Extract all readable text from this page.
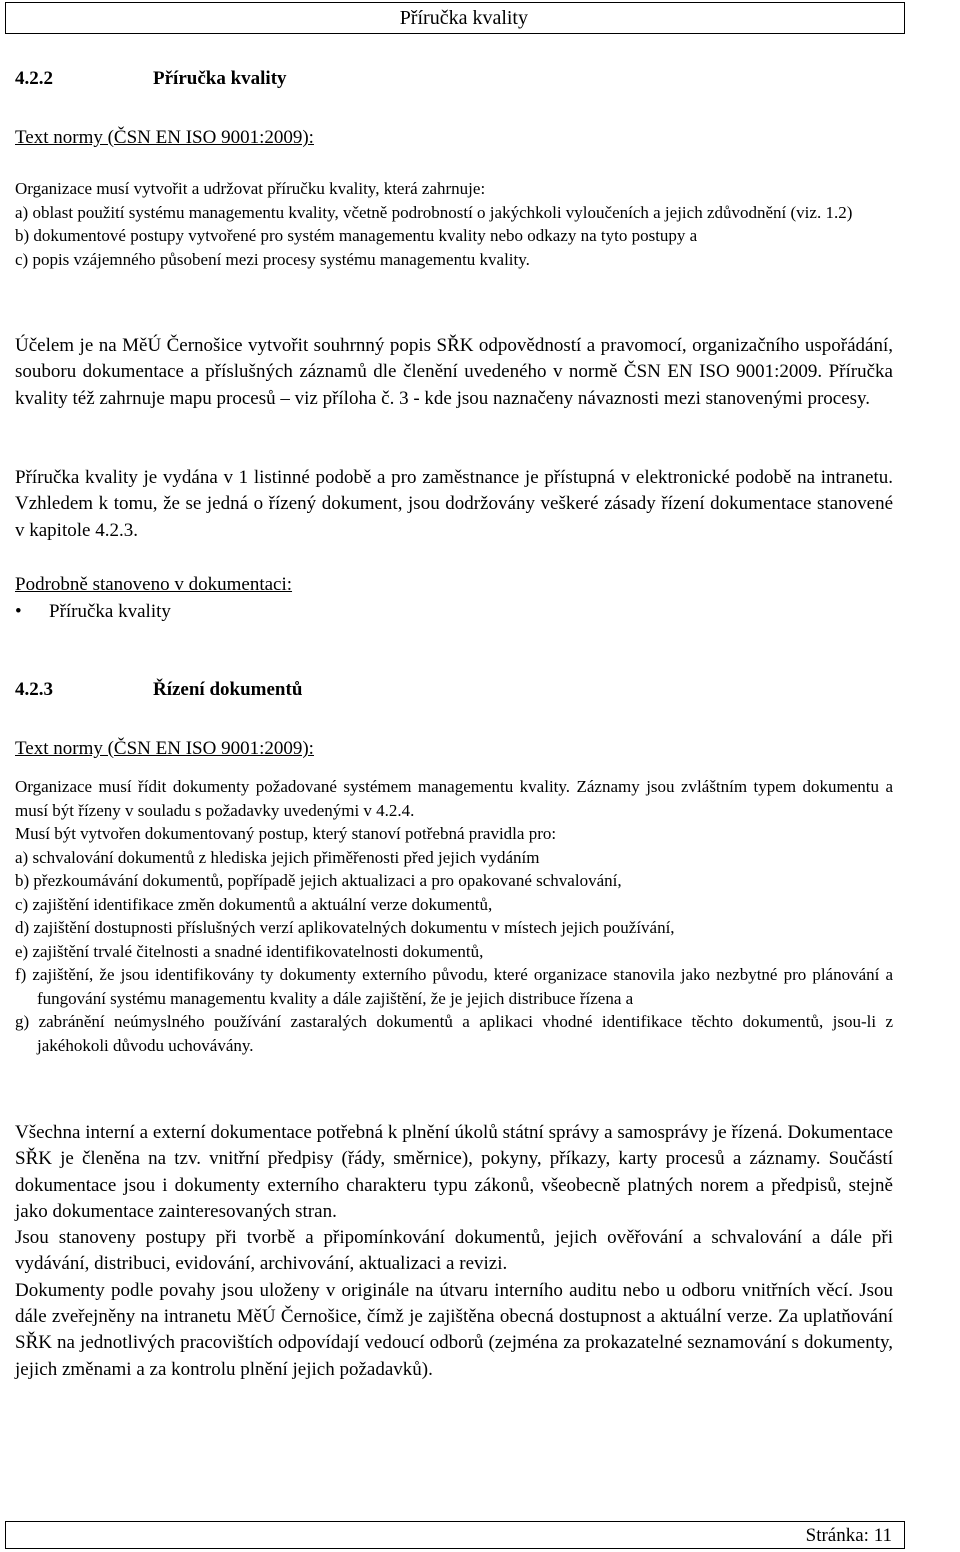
Příručka kvality
4.2.2	Příručka kvality
Text normy (ČSN EN ISO 9001:2009):

Organizace musí vytvořit a udržovat příručku kvality, která zahrnuje:

a) oblast použití systému managementu kvality, včetně podrobností o jakýchkoli vyloučeních a jejich zdůvodnění (viz. 1.2)

b) dokumentové postupy vytvořené pro systém managementu kvality nebo odkazy na tyto postupy a

c) popis vzájemného působení mezi procesy systému managementu kvality.

Účelem je na MěÚ Černošice vytvořit souhrnný popis SŘK odpovědností a pravomocí, organizačního uspořádání, souboru dokumentace a příslušných záznamů dle členění uvedeného v normě ČSN EN ISO 9001:2009. Příručka kvality též zahrnuje mapu procesů – viz příloha č. 3 - kde jsou naznačeny návaznosti mezi stanovenými procesy.
Příručka kvality je vydána v 1 listinné podobě a pro zaměstnance je přístupná v elektronické podobě na intranetu. Vzhledem k tomu, že se jedná o řízený dokument, jsou dodržovány veškeré zásady řízení dokumentace stanovené v kapitole 4.2.3.
Podrobně stanoveno v dokumentaci:
• Příručka kvality
4.2.3	Řízení dokumentů
Text normy (ČSN EN ISO 9001:2009):

Organizace musí řídit dokumenty požadované systémem managementu kvality. Záznamy jsou zvláštním typem dokumentu a musí být řízeny v souladu s požadavky uvedenými v 4.2.4.

Musí být vytvořen dokumentovaný postup, který stanoví potřebná pravidla pro:

a) schvalování dokumentů z hlediska jejich přiměřenosti před jejich vydáním

b) přezkoumávání dokumentů, popřípadě jejich aktualizaci a pro opakované schvalování,

c) zajištění identifikace změn dokumentů a aktuální verze dokumentů,

d) zajištění dostupnosti příslušných verzí aplikovatelných dokumentu v místech jejich používání,

e) zajištění trvalé čitelnosti a snadné identifikovatelnosti dokumentů,

f) zajištění, že jsou identifikovány ty dokumenty externího původu, které organizace stanovila jako nezbytné pro plánování a fungování systému managementu kvality a dále zajištění, že je jejich distribuce řízena a

g) zabránění neúmyslného používání zastaralých dokumentů a aplikaci vhodné identifikace těchto dokumentů, jsou-li z jakéhokoli důvodu uchovávány.

Všechna interní a externí dokumentace potřebná k plnění úkolů státní správy a samosprávy je řízená. Dokumentace SŘK je členěna na tzv. vnitřní předpisy (řády, směrnice), pokyny, příkazy, karty procesů a záznamy. Součástí dokumentace jsou i dokumenty externího charakteru typu zákonů, všeobecně platných norem a předpisů, stejně jako dokumentace zainteresovaných stran.

Jsou stanoveny postupy při tvorbě a připomínkování dokumentů, jejich ověřování a schvalování a dále při vydávání, distribuci, evidování, archivování, aktualizaci a revizi.

Dokumenty podle povahy jsou uloženy v originále na útvaru interního auditu nebo u odboru vnitřních věcí. Jsou dále zveřejněny na intranetu MěÚ Černošice, čímž je zajištěna obecná dostupnost a aktuální verze. Za uplatňování SŘK na jednotlivých pracovištích odpovídají vedoucí odborů (zejména za prokazatelné seznamování s dokumenty, jejich změnami a za kontrolu plnění jejich požadavků).

Stránka: 11
